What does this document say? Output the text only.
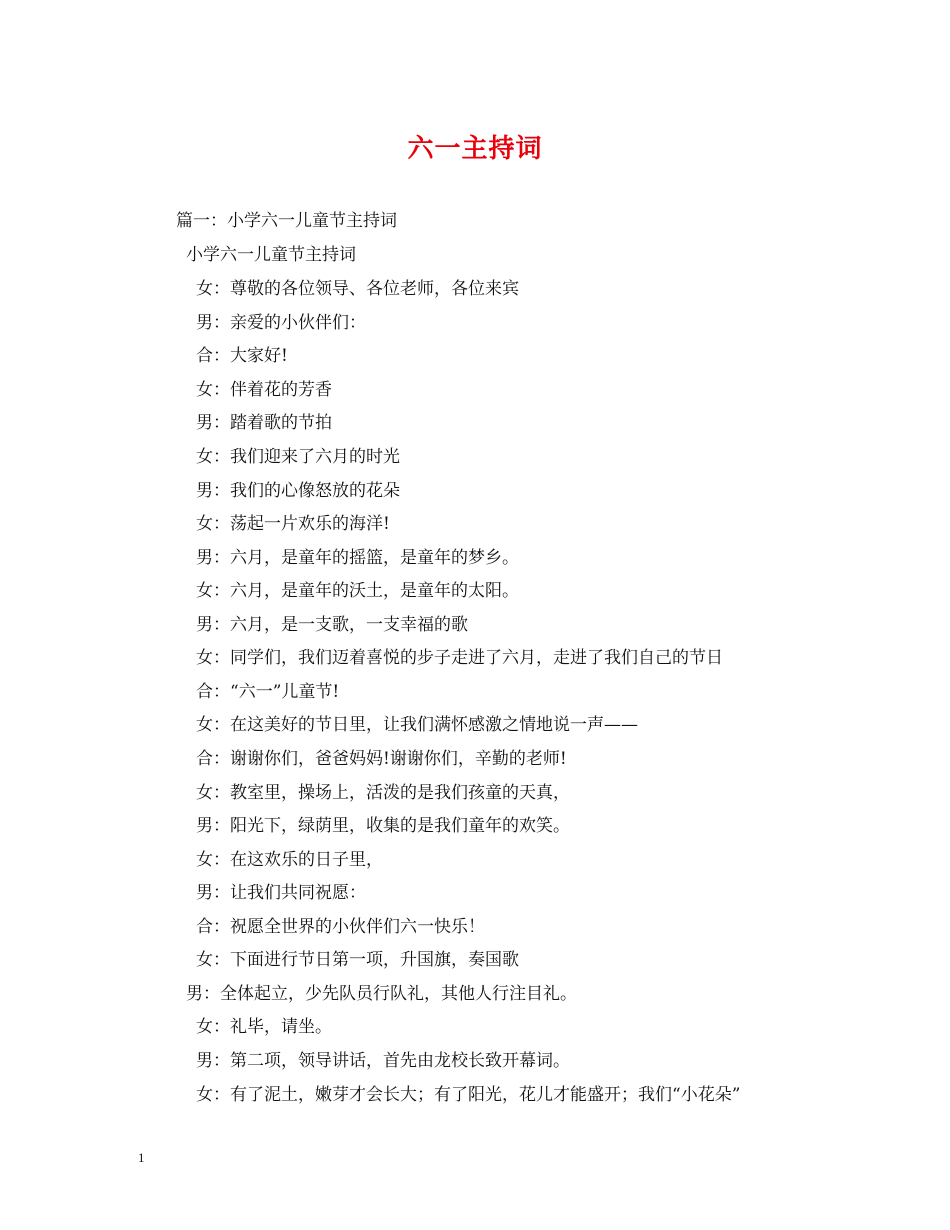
六一主持词
篇一：小学六一儿童节主持词
小学六一儿童节主持词
女：尊敬的各位领导、各位老师，各位来宾
男：亲爱的小伙伴们：
合：大家好!
女：伴着花的芳香
男：踏着歌的节拍
女：我们迎来了六月的时光
男：我们的心像怒放的花朵
女：荡起一片欢乐的海洋!
男：六月，是童年的摇篮，是童年的梦乡。
女：六月，是童年的沃土，是童年的太阳。
男：六月，是一支歌，一支幸福的歌
女：同学们，我们迈着喜悦的步子走进了六月，走进了我们自己的节日
合：“六一”儿童节!
女：在这美好的节日里，让我们满怀感激之情地说一声——
合：谢谢你们，爸爸妈妈!谢谢你们，辛勤的老师!
女：教室里，操场上，活泼的是我们孩童的天真，
男：阳光下，绿荫里，收集的是我们童年的欢笑。
女：在这欢乐的日子里，
男：让我们共同祝愿：
合：祝愿全世界的小伙伴们六一快乐！
女：下面进行节日第一项，升国旗，奏国歌
男：全体起立，少先队员行队礼，其他人行注目礼。
女：礼毕，请坐。
男：第二项，领导讲话，首先由龙校长致开幕词。
女：有了泥土，嫩芽才会长大；有了阳光，花儿才能盛开；我们“小花朵”
1
